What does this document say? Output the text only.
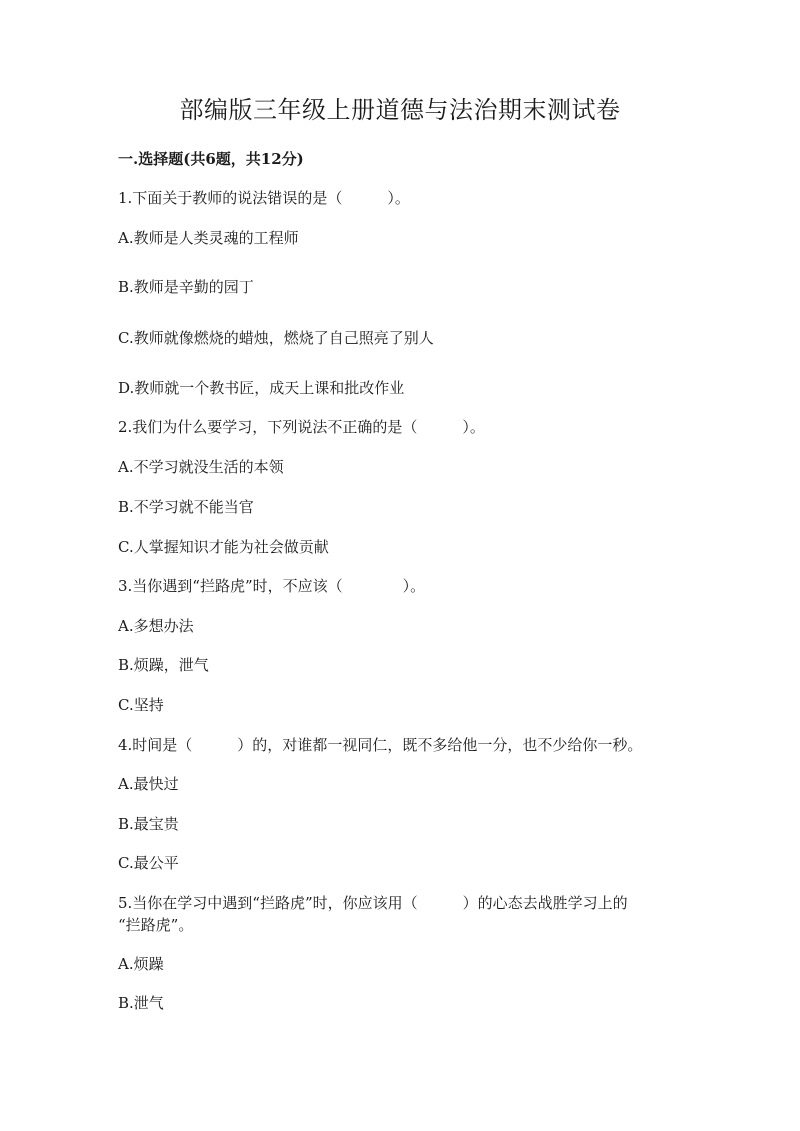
部编版三年级上册道德与法治期末测试卷

一.选择题(共6题，共12分)

1.下面关于教师的说法错误的是（　　　）。

A.教师是人类灵魂的工程师

B.教师是辛勤的园丁

C.教师就像燃烧的蜡烛，燃烧了自己照亮了别人

D.教师就一个教书匠，成天上课和批改作业

2.我们为什么要学习，下列说法不正确的是（　　　）。

A.不学习就没生活的本领

B.不学习就不能当官

C.人掌握知识才能为社会做贡献

3.当你遇到“拦路虎”时，不应该（　　　　）。

A.多想办法

B.烦躁，泄气

C.坚持

4.时间是（　　　）的，对谁都一视同仁，既不多给他一分，也不少给你一秒。

A.最快过

B.最宝贵

C.最公平

5.当你在学习中遇到“拦路虎”时，你应该用（　　　）的心态去战胜学习上的

“拦路虎”。

A.烦躁

B.泄气
